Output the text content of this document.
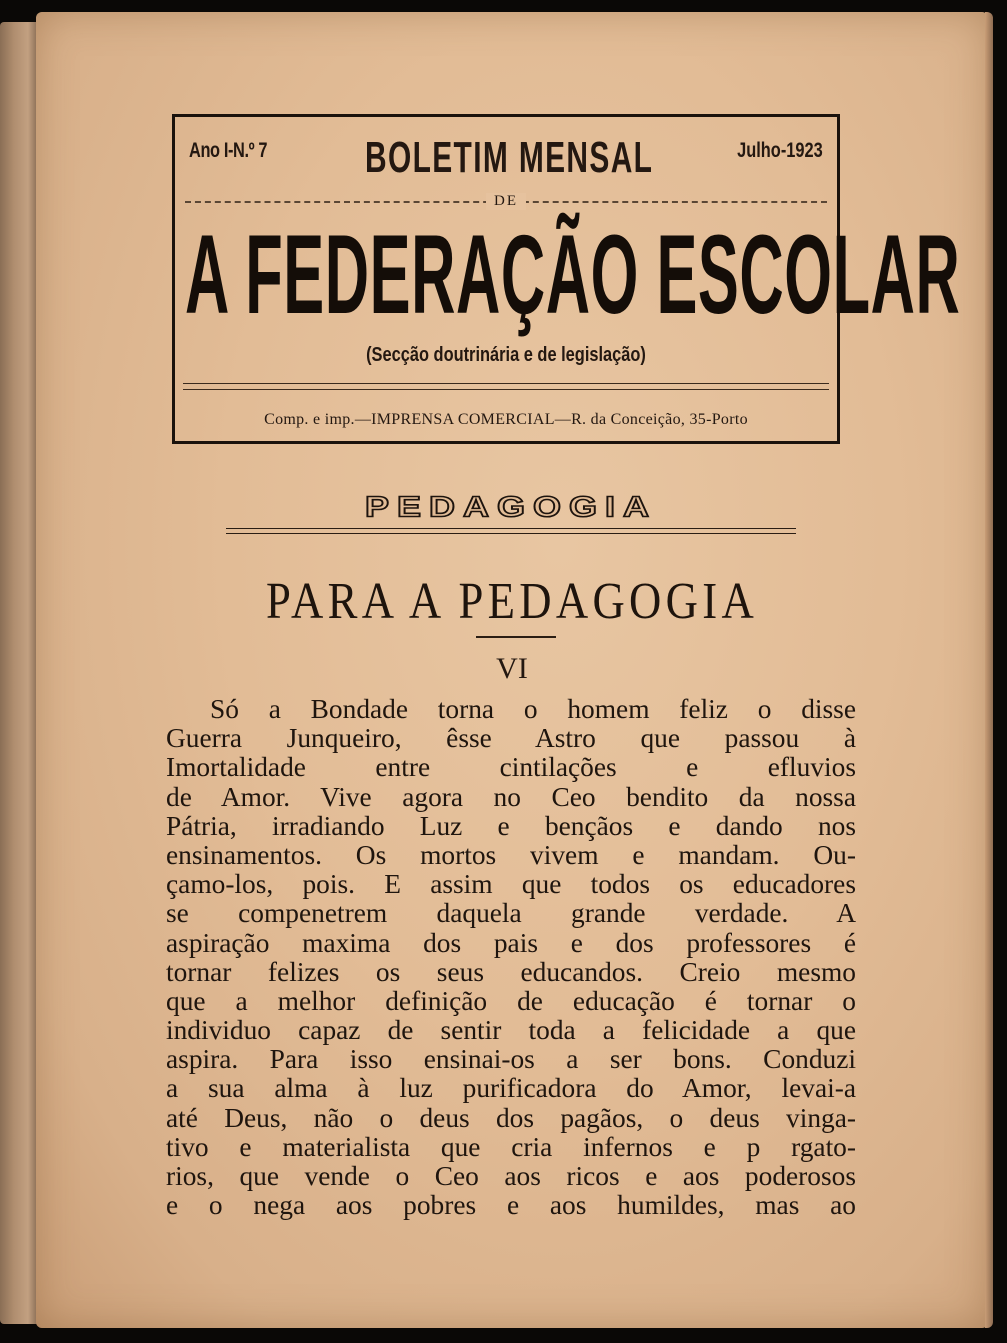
Ano I-N.º 7 BOLETIM MENSAL	Julho-1923
DE
A FEDERAÇÃO ESCOLAR
(Secção doutrinária e de legislação)
Comp. e imp.—IMPRENSA COMERCIAL—R. da Conceição, 35-Porto
PEDAGOGIA
PARA A PEDAGOGIA
VI
Só a Bondade torna o homem feliz o disse
Guerra Junqueiro, êsse Astro que passou à
Imortalidade entre cintilações e efluvios
de Amor. Vive agora no Ceo bendito da nossa
Pátria, irradiando Luz e bençãos e dando nos
ensinamentos. Os mortos vivem e mandam. Ou-
çamo-los, pois. E assim que todos os educadores
se compenetrem daquela grande verdade. A
aspiração maxima dos pais e dos professores é
tornar felizes os seus educandos. Creio mesmo
que a melhor definição de educação é tornar o
individuo capaz de sentir toda a felicidade a que
aspira. Para isso ensinai-os a ser bons. Conduzi
a sua alma à luz purificadora do Amor, levai-a
até Deus, não o deus dos pagãos, o deus vinga-
tivo e materialista que cria infernos e p rgato-
rios, que vende o Ceo aos ricos e aos poderosos
e o nega aos pobres e aos humildes, mas ao
